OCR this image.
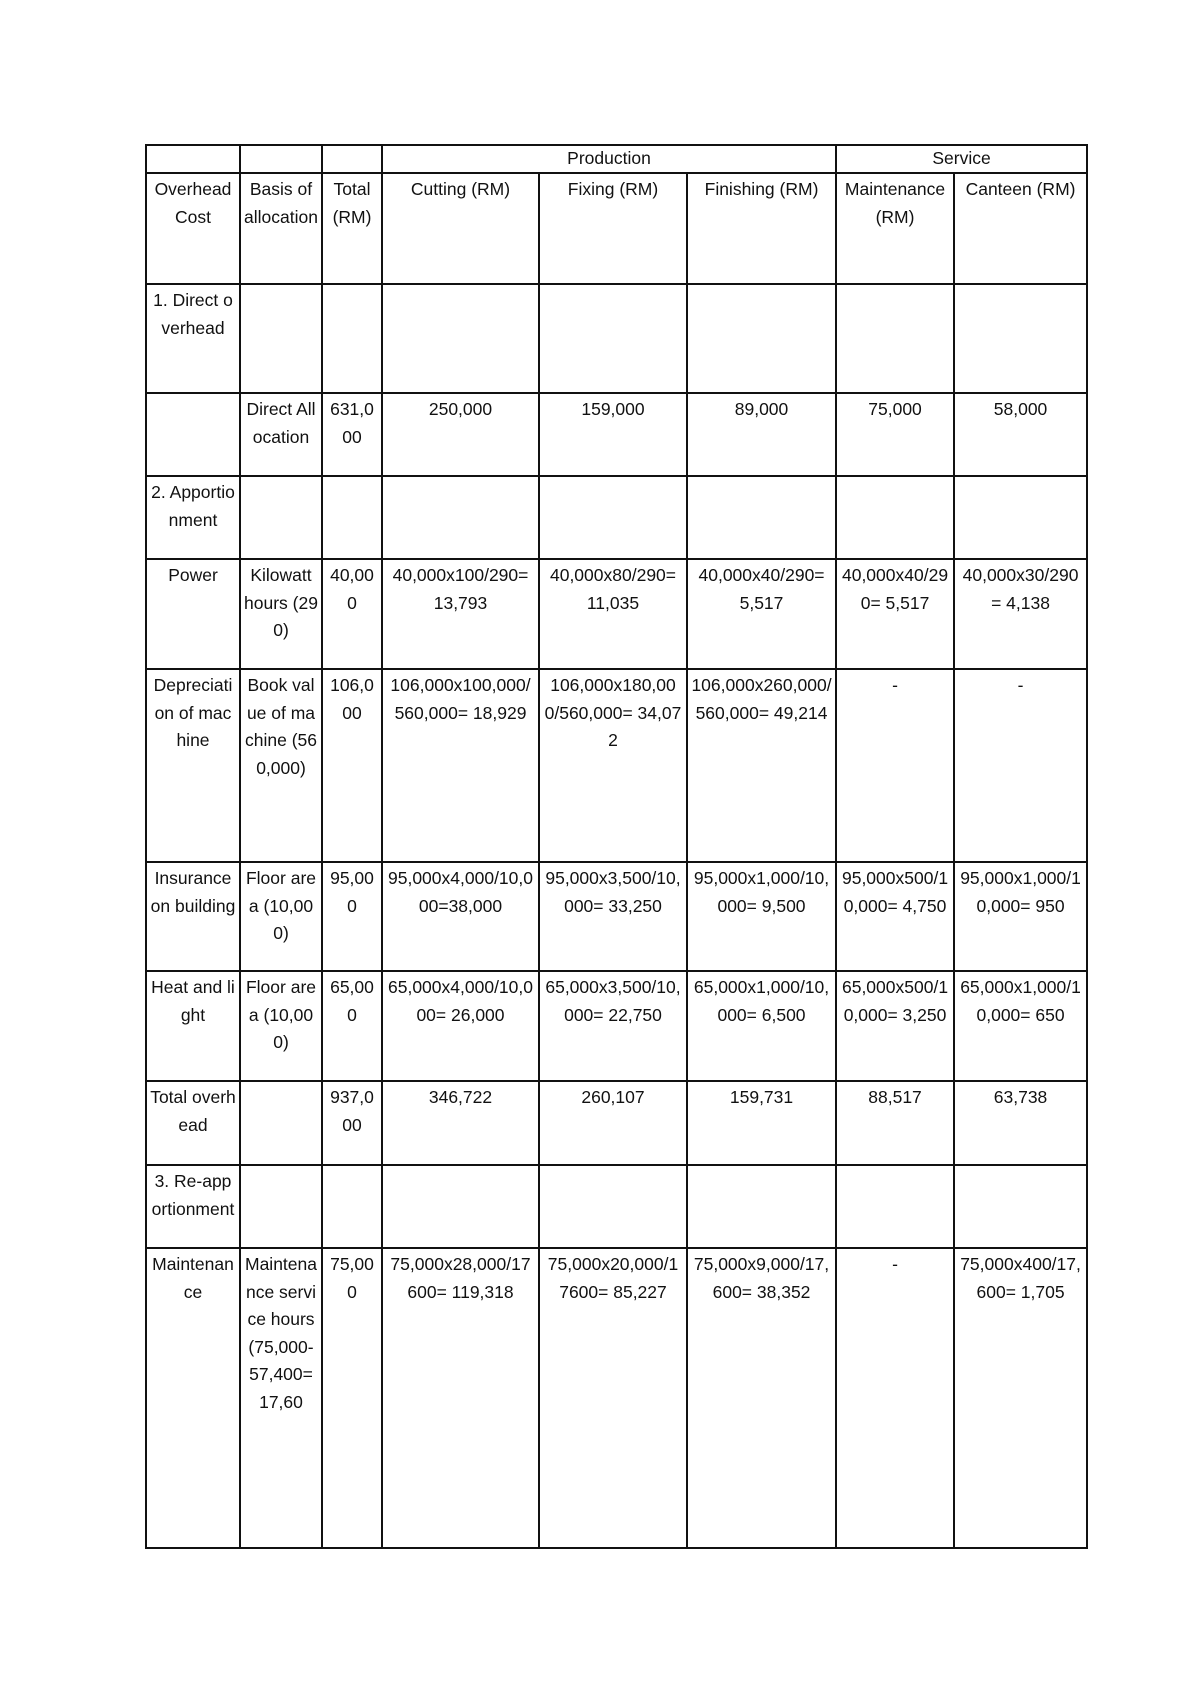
			Production			Service	
Overhead Cost	Basis of allocation	Total (RM)	Cutting (RM)	Fixing (RM)	Finishing (RM)	Maintenance (RM)	Canteen (RM)
1. Direct overhead							
	Direct Allocation	631,000	250,000	159,000	89,000	75,000	58,000
2. Apportionment							
Power	Kilowatt hours (290)	40,000	40,000x100/290= 13,793	40,000x80/290= 11,035	40,000x40/290= 5,517	40,000x40/290= 5,517	40,000x30/290= 4,138
Depreciation of machine	Book value of machine (560,000)	106,000	106,000x100,000/560,000= 18,929	106,000x180,000/560,000= 34,072	106,000x260,000/560,000= 49,214	-	-
Insurance on building	Floor area (10,000)	95,000	95,000x4,000/10,000=38,000	95,000x3,500/10,000= 33,250	95,000x1,000/10,000= 9,500	95,000x500/10,000= 4,750	95,000x1,000/10,000= 950
Heat and light	Floor area (10,000)	65,000	65,000x4,000/10,000= 26,000	65,000x3,500/10,000= 22,750	65,000x1,000/10,000= 6,500	65,000x500/10,000= 3,250	65,000x1,000/10,000= 650
Total overhead		937,000	346,722	260,107	159,731	88,517	63,738
3. Re-apportionment							
Maintenance	Maintenance service hours (75,000-57,400= 17,60	75,000	75,000x28,000/17600= 119,318	75,000x20,000/17600= 85,227	75,000x9,000/17,600= 38,352	-	75,000x400/17,600= 1,705
